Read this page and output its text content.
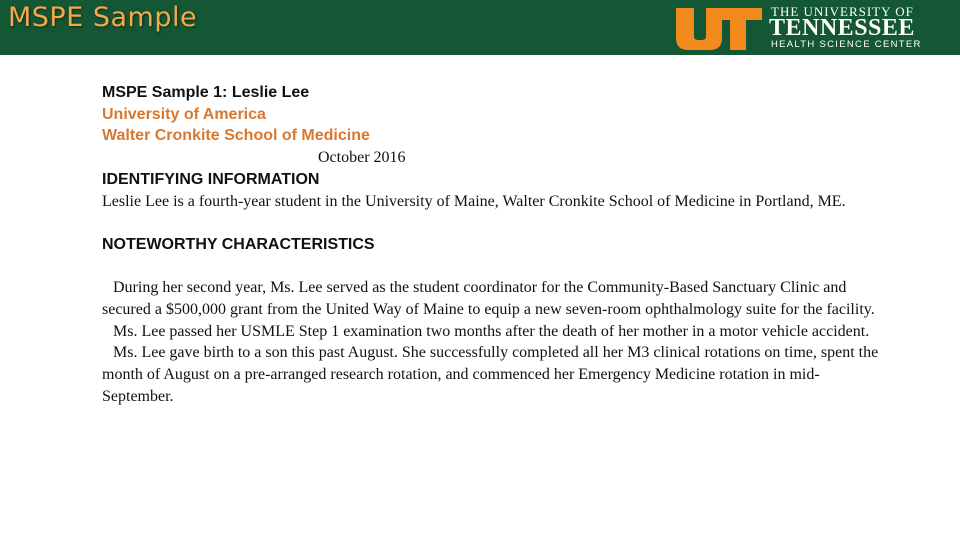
MSPE Sample	THE UNIVERSITY OF
TENNESSEE
HEALTH SCIENCE CENTER

MSPE Sample 1: Leslie Lee

University of America

Walter Cronkite School of Medicine

October 2016

IDENTIFYING INFORMATION

Leslie Lee is a fourth-year student in the University of Maine, Walter Cronkite School of Medicine in Portland, ME.

NOTEWORTHY CHARACTERISTICS

During her second year, Ms. Lee served as the student coordinator for the Community-Based Sanctuary Clinic and secured a $500,000 grant from the United Way of Maine to equip a new seven-room ophthalmology suite for the facility.

Ms. Lee passed her USMLE Step 1 examination two months after the death of her mother in a motor vehicle accident.

Ms. Lee gave birth to a son this past August. She successfully completed all her M3 clinical rotations on time, spent the month of August on a pre-arranged research rotation, and commenced her Emergency Medicine rotation in mid-September.
